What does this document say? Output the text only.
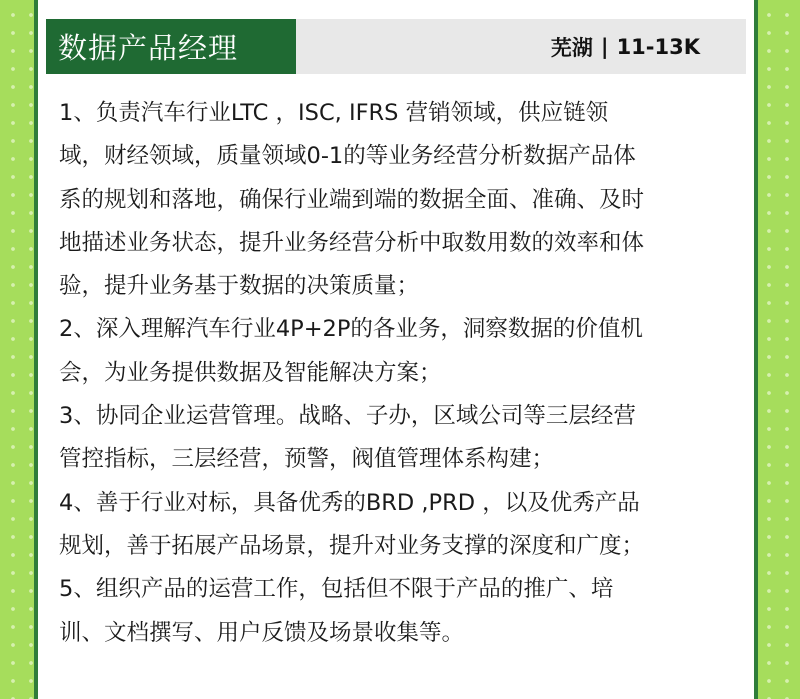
数据产品经理	芜湖 | 11-13K
1、负责汽车行业LTC ，ISC, IFRS 营销领域，供应链领
域，财经领域，质量领域0-1的等业务经营分析数据产品体
系的规划和落地，确保行业端到端的数据全面、准确、及时
地描述业务状态，提升业务经营分析中取数用数的效率和体
验，提升业务基于数据的决策质量；
2、深入理解汽车行业4P+2P的各业务，洞察数据的价值机
会，为业务提供数据及智能解决方案；
3、协同企业运营管理。战略、子办，区域公司等三层经营
管控指标，三层经营，预警，阀值管理体系构建；
4、善于行业对标，具备优秀的BRD ,PRD ，以及优秀产品
规划，善于拓展产品场景，提升对业务支撑的深度和广度；
5、组织产品的运营工作，包括但不限于产品的推广、培
训、文档撰写、用户反馈及场景收集等。
